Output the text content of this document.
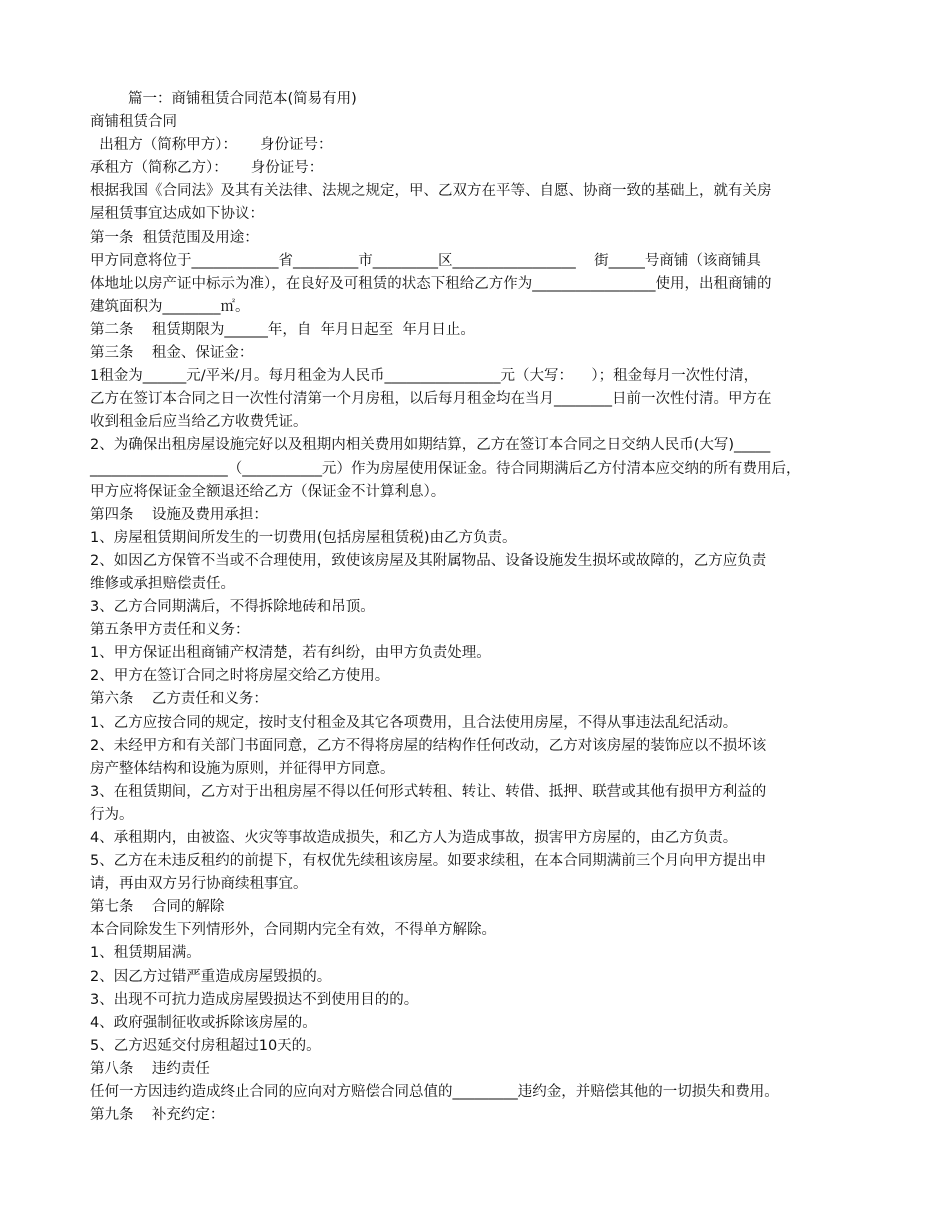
篇一：商铺租赁合同范本(简易有用)
商铺租赁合同
出租方（简称甲方）：     身份证号：
承租方（简称乙方）：     身份证号：
根据我国《合同法》及其有关法律、法规之规定，甲、乙双方在平等、自愿、协商一致的基础上，就有关房
屋租赁事宜达成如下协议：
第一条  租赁范围及用途：
甲方同意将位于____________省_________市_________区_________________    街_____号商铺（该商铺具
体地址以房产证中标示为准），在良好及可租赁的状态下租给乙方作为_________________使用，出租商铺的
建筑面积为________㎡。
第二条    租赁期限为______年，自  年月日起至  年月日止。
第三条    租金、保证金：
1租金为______元/平米/月。每月租金为人民币________________元（大写：    ）；租金每月一次性付清，
乙方在签订本合同之日一次性付清第一个月房租，以后每月租金均在当月________日前一次性付清。甲方在
收到租金后应当给乙方收费凭证。
2、为确保出租房屋设施完好以及租期内相关费用如期结算，乙方在签订本合同之日交纳人民币(大写)_____
___________________（___________元）作为房屋使用保证金。待合同期满后乙方付清本应交纳的所有费用后，
甲方应将保证金全额退还给乙方（保证金不计算利息）。
第四条    设施及费用承担：
1、房屋租赁期间所发生的一切费用(包括房屋租赁税)由乙方负责。
2、如因乙方保管不当或不合理使用，致使该房屋及其附属物品、设备设施发生损坏或故障的，乙方应负责
维修或承担赔偿责任。
3、乙方合同期满后，不得拆除地砖和吊顶。
第五条甲方责任和义务：
1、甲方保证出租商铺产权清楚，若有纠纷，由甲方负责处理。
2、甲方在签订合同之时将房屋交给乙方使用。
第六条    乙方责任和义务：
1、乙方应按合同的规定，按时支付租金及其它各项费用，且合法使用房屋，不得从事违法乱纪活动。
2、未经甲方和有关部门书面同意，乙方不得将房屋的结构作任何改动，乙方对该房屋的装饰应以不损坏该
房产整体结构和设施为原则，并征得甲方同意。
3、在租赁期间，乙方对于出租房屋不得以任何形式转租、转让、转借、抵押、联营或其他有损甲方利益的
行为。
4、承租期内，由被盗、火灾等事故造成损失，和乙方人为造成事故，损害甲方房屋的，由乙方负责。
5、乙方在未违反租约的前提下，有权优先续租该房屋。如要求续租，在本合同期满前三个月向甲方提出申
请，再由双方另行协商续租事宜。
第七条    合同的解除
本合同除发生下列情形外，合同期内完全有效，不得单方解除。
1、租赁期届满。
2、因乙方过错严重造成房屋毁损的。
3、出现不可抗力造成房屋毁损达不到使用目的的。
4、政府强制征收或拆除该房屋的。
5、乙方迟延交付房租超过10天的。
第八条    违约责任
任何一方因违约造成终止合同的应向对方赔偿合同总值的_________违约金，并赔偿其他的一切损失和费用。
第九条    补充约定：
